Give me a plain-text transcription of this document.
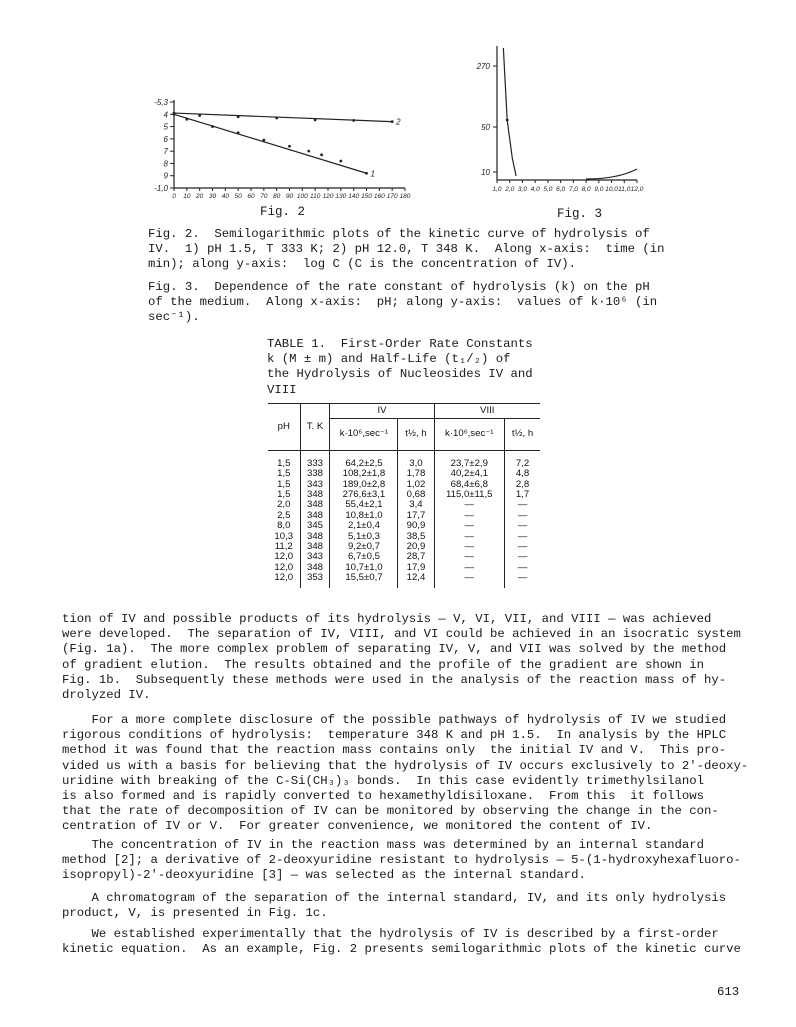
-5,3
4
5
6
7
8
9
-1,0
0 10 20 30 40 50 60 70 80 90 100 110 120 130 140 150 160 170 180
1
2
Fig. 2
270
50
10
1,0 2,0 3,0 4,0 5,0 6,0 7,0 8,0 9,0 10,0 11,0 12,0
Fig. 3
Fig. 2.  Semilogarithmic plots of the kinetic curve of hydrolysis of
IV.  1) pH 1.5, T 333 K; 2) pH 12.0, T 348 K.  Along x-axis:  time (in
min); along y-axis:  log C (C is the concentration of IV).
Fig. 3.  Dependence of the rate constant of hydrolysis (k) on the pH
of the medium.  Along x-axis:  pH; along y-axis:  values of k·10⁶ (in
sec⁻¹).
TABLE 1.  First-Order Rate Constants
k (M ± m) and Half-Life (t₁/₂) of
the Hydrolysis of Nucleosides IV and
VIII
pH	T. K	IV		VIII	
		k·10⁶,sec⁻¹	t½, h	k·10⁶,sec⁻¹	t½, h
1,5	333	64,2±2,5	3,0	23,7±2,9	7,2
1,5	338	108,2±1,8	1,78	40,2±4,1	4,8
1,5	343	189,0±2,8	1,02	68,4±6,8	2,8
1,5	348	276,6±3,1	0,68	115,0±11,5	1,7
2,0	348	55,4±2,1	3,4	—	—
2,5	348	10,8±1,0	17,7	—	—
8,0	345	2,1±0,4	90,9	—	—
10,3	348	5,1±0,3	38,5	—	—
11,2	348	9,2±0,7	20,9	—	—
12,0	343	6,7±0,5	28,7	—	—
12,0	348	10,7±1,0	17,9	—	—
12,0	353	15,5±0,7	12,4	—	—

tion of IV and possible products of its hydrolysis — V, VI, VII, and VIII — was achieved
were developed.  The separation of IV, VIII, and VI could be achieved in an isocratic system
(Fig. 1a).  The more complex problem of separating IV, V, and VII was solved by the method
of gradient elution.  The results obtained and the profile of the gradient are shown in
Fig. 1b.  Subsequently these methods were used in the analysis of the reaction mass of hy-
drolyzed IV.

For a more complete disclosure of the possible pathways of hydrolysis of IV we studied
rigorous conditions of hydrolysis:  temperature 348 K and pH 1.5.  In analysis by the HPLC
method it was found that the reaction mass contains only  the initial IV and V.  This pro-
vided us with a basis for believing that the hydrolysis of IV occurs exclusively to 2'-deoxy-
uridine with breaking of the C-Si(CH₃)₃ bonds.  In this case evidently trimethylsilanol
is also formed and is rapidly converted to hexamethyldisiloxane.  From this  it follows
that the rate of decomposition of IV can be monitored by observing the change in the con-
centration of IV or V.  For greater convenience, we monitored the content of IV.

The concentration of IV in the reaction mass was determined by an internal standard
method [2]; a derivative of 2-deoxyuridine resistant to hydrolysis — 5-(1-hydroxyhexafluoro-
isopropyl)-2'-deoxyuridine [3] — was selected as the internal standard.

A chromatogram of the separation of the internal standard, IV, and its only hydrolysis
product, V, is presented in Fig. 1c.

We established experimentally that the hydrolysis of IV is described by a first-order
kinetic equation.  As an example, Fig. 2 presents semilogarithmic plots of the kinetic curve

613
